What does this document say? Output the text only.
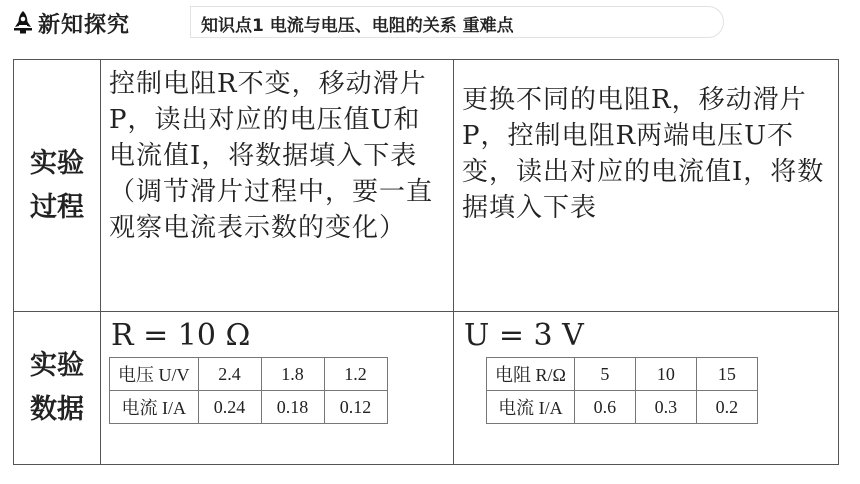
新知探究	知识点1 电流与电压、电阻的关系 重难点
实验
过程	
控制电阻R不变，移动滑片P，读出对应的电压值U和电流值I，将数据填入下表（调节滑片过程中，要一直观察电流表示数的变化）

更换不同的电阻R，移动滑片P，控制电阻R两端电压U不变，读出对应的电流值I，将数据填入下表

实验
数据	
R = 10 Ω
电压 U/V	2.4	1.8	1.2
电流 I/A	0.24	0.18	0.12

U = 3 V
电阻 R/Ω	5	10	15
电流 I/A	0.6	0.3	0.2
